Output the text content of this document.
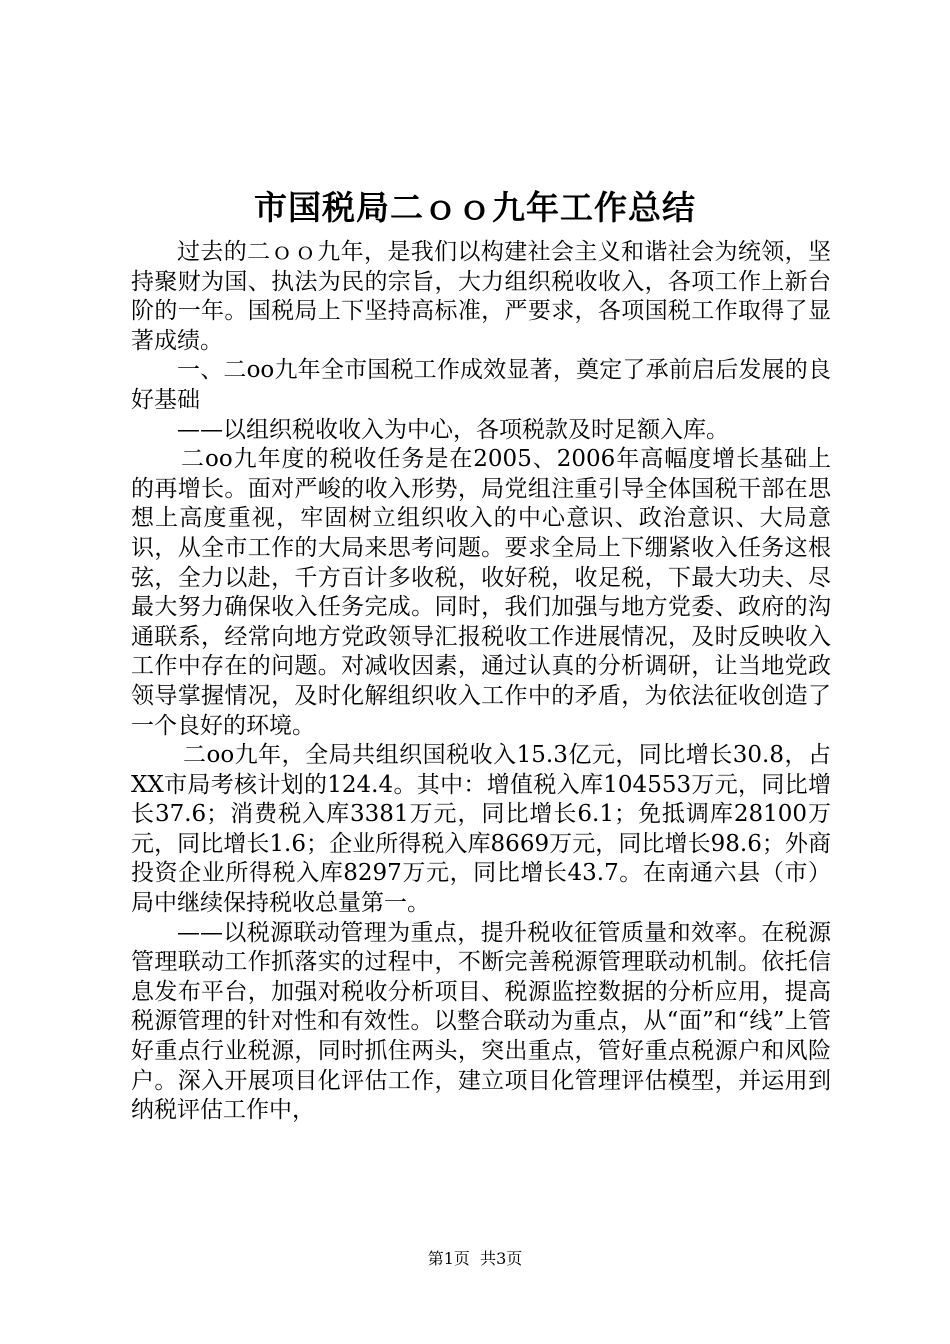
市国税局二ｏｏ九年工作总结

过去的二ｏｏ九年，是我们以构建社会主义和谐社会为统领，坚持聚财为国、执法为民的宗旨，大力组织税收收入，各项工作上新台阶的一年。国税局上下坚持高标准，严要求，各项国税工作取得了显著成绩。

一、二oo九年全市国税工作成效显著，奠定了承前启后发展的良好基础

——以组织税收收入为中心，各项税款及时足额入库。

二oo九年度的税收任务是在2005、2006年高幅度增长基础上的再增长。面对严峻的收入形势，局党组注重引导全体国税干部在思想上高度重视，牢固树立组织收入的中心意识、政治意识、大局意识，从全市工作的大局来思考问题。要求全局上下绷紧收入任务这根弦，全力以赴，千方百计多收税，收好税，收足税，下最大功夫、尽最大努力确保收入任务完成。同时，我们加强与地方党委、政府的沟通联系，经常向地方党政领导汇报税收工作进展情况，及时反映收入工作中存在的问题。对减收因素，通过认真的分析调研，让当地党政领导掌握情况，及时化解组织收入工作中的矛盾，为依法征收创造了一个良好的环境。

二oo九年，全局共组织国税收入15.3亿元，同比增长30.8，占XX市局考核计划的124.4。其中：增值税入库104553万元，同比增长37.6；消费税入库3381万元，同比增长6.1；免抵调库28100万元，同比增长1.6；企业所得税入库8669万元，同比增长98.6；外商投资企业所得税入库8297万元，同比增长43.7。在南通六县（市）局中继续保持税收总量第一。

——以税源联动管理为重点，提升税收征管质量和效率。在税源管理联动工作抓落实的过程中，不断完善税源管理联动机制。依托信息发布平台，加强对税收分析项目、税源监控数据的分析应用，提高税源管理的针对性和有效性。以整合联动为重点，从“面”和“线”上管好重点行业税源，同时抓住两头，突出重点，管好重点税源户和风险户。深入开展项目化评估工作，建立项目化管理评估模型，并运用到纳税评估工作中，

第1页 共3页
